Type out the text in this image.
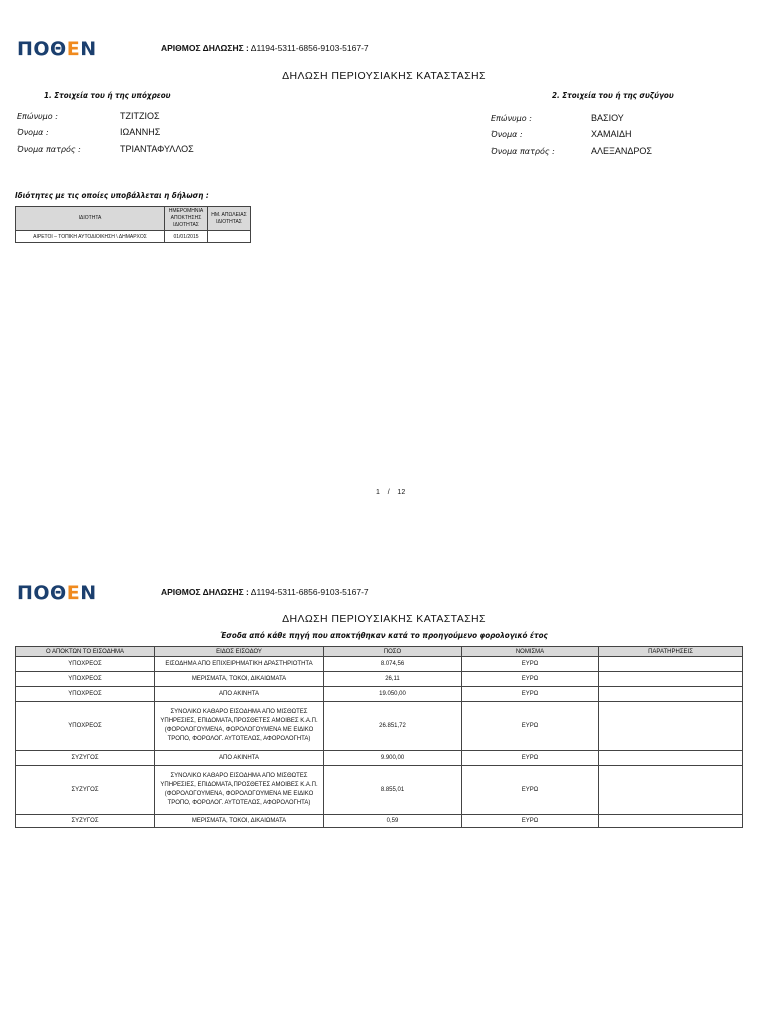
ΠΟΘΕΝ	ΑΡΙΘΜΟΣ ΔΗΛΩΣΗΣ : Δ1194-5311-6856-9103-5167-7
ΔΗΛΩΣΗ ΠΕΡΙΟΥΣΙΑΚΗΣ ΚΑΤΑΣΤΑΣΗΣ
1. Στοιχεία του ή της υπόχρεου	2. Στοιχεία του ή της συζύγου
Επώνυμο :	ΤΖΙΤΖΙΟΣ
Όνομα :	ΙΩΑΝΝΗΣ
Όνομα πατρός :	ΤΡΙΑΝΤΑΦΥΛΛΟΣ
Επώνυμο :	ΒΑΣΙΟΥ
Όνομα :	ΧΑΜΑΙΔΗ
Όνομα πατρός :	ΑΛΕΞΑΝΔΡΟΣ
Ιδιότητες με τις οποίες υποβάλλεται η δήλωση :
ΙΔΙΟΤΗΤΑ	ΗΜΕΡΟΜΗΝΙΑ ΑΠΟΚΤΗΣΗΣ ΙΔΙΟΤΗΤΑΣ	ΗΜ. ΑΠΩΛΕΙΑΣ ΙΔΙΟΤΗΤΑΣ
ΑΙΡΕΤΟΙ – ΤΟΠΙΚΗ ΑΥΤΟΔΙΟΙΚΗΣΗ \ ΔΗΜΑΡΧΟΣ	01/01/2015	
1 / 12
ΠΟΘΕΝ	ΑΡΙΘΜΟΣ ΔΗΛΩΣΗΣ : Δ1194-5311-6856-9103-5167-7
ΔΗΛΩΣΗ ΠΕΡΙΟΥΣΙΑΚΗΣ ΚΑΤΑΣΤΑΣΗΣ
Έσοδα από κάθε πηγή που αποκτήθηκαν κατά το προηγούμενο φορολογικό έτος
Ο ΑΠΟΚΤΩΝ ΤΟ ΕΙΣΟΔΗΜΑ	ΕΙΔΟΣ ΕΙΣΟΔΟΥ	ΠΟΣΟ	ΝΟΜΙΣΜΑ	ΠΑΡΑΤΗΡΗΣΕΙΣ
ΥΠΟΧΡΕΟΣ	ΕΙΣΟΔΗΜΑ ΑΠΟ ΕΠΙΧΕΙΡΗΜΑΤΙΚΗ ΔΡΑΣΤΗΡΙΟΤΗΤΑ	8.074,56	ΕΥΡΩ	
ΥΠΟΧΡΕΟΣ	ΜΕΡΙΣΜΑΤΑ, ΤΟΚΟΙ, ΔΙΚΑΙΩΜΑΤΑ	26,11	ΕΥΡΩ	
ΥΠΟΧΡΕΟΣ	ΑΠΟ ΑΚΙΝΗΤΑ	19.050,00	ΕΥΡΩ	
ΥΠΟΧΡΕΟΣ	ΣΥΝΟΛΙΚΟ ΚΑΘΑΡΟ ΕΙΣΟΔΗΜΑ ΑΠΟ ΜΙΣΘΩΤΕΣ ΥΠΗΡΕΣΙΕΣ, ΕΠΙΔΟΜΑΤΑ,ΠΡΟΣΘΕΤΕΣ ΑΜΟΙΒΕΣ Κ.Α.Π.(ΦΟΡΟΛΟΓΟΥΜΕΝΑ, ΦΟΡΟΛΟΓΟΥΜΕΝΑ ΜΕ ΕΙΔΙΚΟ ΤΡΟΠΟ, ΦΟΡΟΛΟΓ. ΑΥΤΟΤΕΛΩΣ, ΑΦΟΡΟΛΟΓΗΤΑ)	26.851,72	ΕΥΡΩ	
ΣΥΖΥΓΟΣ	ΑΠΟ ΑΚΙΝΗΤΑ	9.900,00	ΕΥΡΩ	
ΣΥΖΥΓΟΣ	ΣΥΝΟΛΙΚΟ ΚΑΘΑΡΟ ΕΙΣΟΔΗΜΑ ΑΠΟ ΜΙΣΘΩΤΕΣ ΥΠΗΡΕΣΙΕΣ, ΕΠΙΔΟΜΑΤΑ,ΠΡΟΣΘΕΤΕΣ ΑΜΟΙΒΕΣ Κ.Α.Π.(ΦΟΡΟΛΟΓΟΥΜΕΝΑ, ΦΟΡΟΛΟΓΟΥΜΕΝΑ ΜΕ ΕΙΔΙΚΟ ΤΡΟΠΟ, ΦΟΡΟΛΟΓ. ΑΥΤΟΤΕΛΩΣ, ΑΦΟΡΟΛΟΓΗΤΑ)	8.855,01	ΕΥΡΩ	
ΣΥΖΥΓΟΣ	ΜΕΡΙΣΜΑΤΑ, ΤΟΚΟΙ, ΔΙΚΑΙΩΜΑΤΑ	0,59	ΕΥΡΩ	
